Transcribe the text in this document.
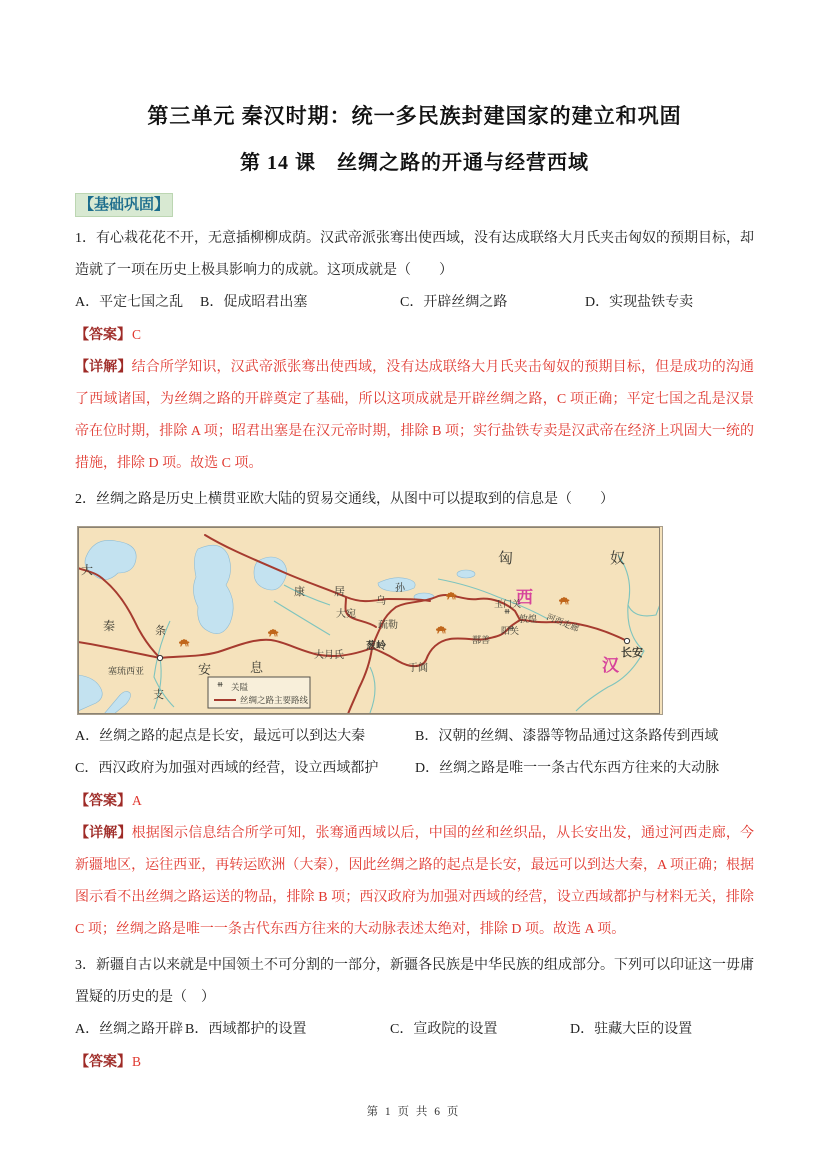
第三单元 秦汉时期：统一多民族封建国家的建立和巩固
第 14 课　丝绸之路的开通与经营西域
【基础巩固】

1．有心栽花花不开，无意插柳柳成荫。汉武帝派张骞出使西域，没有达成联络大月氏夹击匈奴的预期目标，却造就了一项在历史上极具影响力的成就。这项成就是（　　）

A．平定七国之乱	B．促成昭君出塞	C．开辟丝绸之路	D．实现盐铁专卖
【答案】C

【详解】结合所学知识，汉武帝派张骞出使西域，没有达成联络大月氏夹击匈奴的预期目标，但是成功的沟通了西域诸国，为丝绸之路的开辟奠定了基础，所以这项成就是开辟丝绸之路，C 项正确；平定七国之乱是汉景帝在位时期，排除 A 项；昭君出塞是在汉元帝时期，排除 B 项；实行盐铁专卖是汉武帝在经济上巩固大一统的措施，排除 D 项。故选 C 项。

2．丝绸之路是历史上横贯亚欧大陆的贸易交通线，从图中可以提取到的信息是（　　）

匈	奴
西
汉
长安
玉门关
敦煌 河西走廊
阳关
鄯善
于阗
葱岭
疏勒
大宛
康	居
乌
孙
大月氏
安	息
条
支
塞琉西亚
大
秦
关隘
丝绸之路主要路线
A．丝绸之路的起点是长安，最远可以到达大秦	B．汉朝的丝绸、漆器等物品通过这条路传到西域
C．西汉政府为加强对西域的经营，设立西域都护	D．丝绸之路是唯一一条古代东西方往来的大动脉
【答案】A

【详解】根据图示信息结合所学可知，张骞通西域以后，中国的丝和丝织品，从长安出发，通过河西走廊，今新疆地区，运往西亚，再转运欧洲（大秦），因此丝绸之路的起点是长安，最远可以到达大秦，A 项正确；根据图示看不出丝绸之路运送的物品，排除 B 项；西汉政府为加强对西域的经营，设立西域都护与材料无关，排除 C 项；丝绸之路是唯一一条古代东西方往来的大动脉表述太绝对，排除 D 项。故选 A 项。

3．新疆自古以来就是中国领土不可分割的一部分，新疆各民族是中华民族的组成部分。下列可以印证这一毋庸置疑的历史的是（　）

A．丝绸之路开辟 B．西域都护的设置	C．宣政院的设置	D．驻藏大臣的设置
【答案】B
第 1 页 共 6 页
